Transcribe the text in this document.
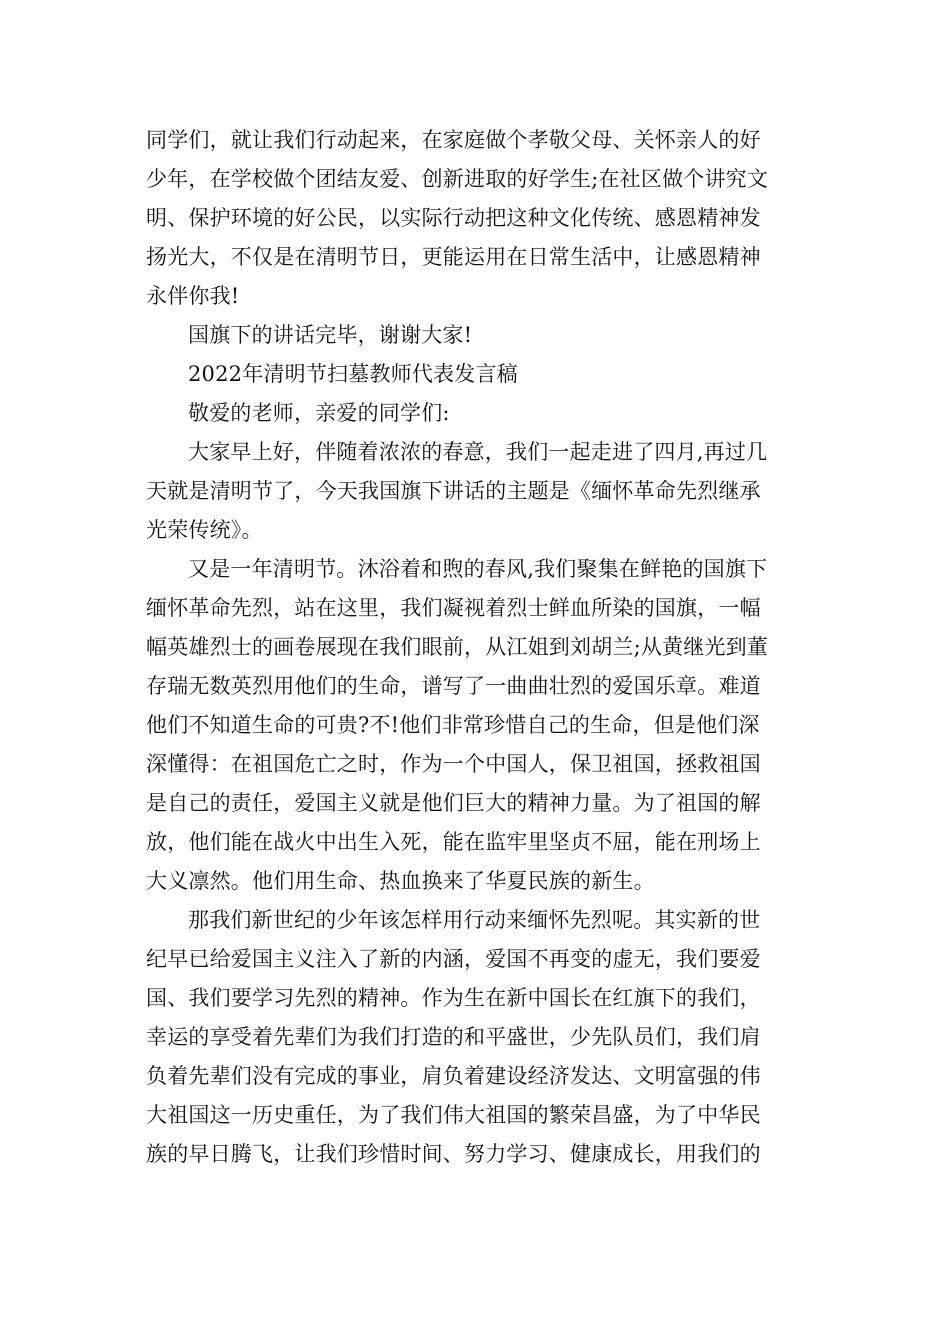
同学们，就让我们行动起来，在家庭做个孝敬父母、关怀亲人的好
少年，在学校做个团结友爱、创新进取的好学生;在社区做个讲究文
明、保护环境的好公民，以实际行动把这种文化传统、感恩精神发
扬光大，不仅是在清明节日，更能运用在日常生活中，让感恩精神
永伴你我!
国旗下的讲话完毕，谢谢大家!
2022年清明节扫墓教师代表发言稿
敬爱的老师，亲爱的同学们:
大家早上好，伴随着浓浓的春意，我们一起走进了四月,再过几
天就是清明节了，今天我国旗下讲话的主题是《缅怀革命先烈继承
光荣传统》。
又是一年清明节。沐浴着和煦的春风,我们聚集在鲜艳的国旗下
缅怀革命先烈，站在这里，我们凝视着烈士鲜血所染的国旗，一幅
幅英雄烈士的画卷展现在我们眼前，从江姐到刘胡兰;从黄继光到董
存瑞无数英烈用他们的生命，谱写了一曲曲壮烈的爱国乐章。难道
他们不知道生命的可贵?不!他们非常珍惜自己的生命，但是他们深
深懂得：在祖国危亡之时，作为一个中国人，保卫祖国，拯救祖国
是自己的责任，爱国主义就是他们巨大的精神力量。为了祖国的解
放，他们能在战火中出生入死，能在监牢里坚贞不屈，能在刑场上
大义凛然。他们用生命、热血换来了华夏民族的新生。
那我们新世纪的少年该怎样用行动来缅怀先烈呢。其实新的世
纪早已给爱国主义注入了新的内涵，爱国不再变的虚无，我们要爱
国、我们要学习先烈的精神。作为生在新中国长在红旗下的我们，
幸运的享受着先辈们为我们打造的和平盛世，少先队员们，我们肩
负着先辈们没有完成的事业，肩负着建设经济发达、文明富强的伟
大祖国这一历史重任，为了我们伟大祖国的繁荣昌盛，为了中华民
族的早日腾飞，让我们珍惜时间、努力学习、健康成长，用我们的
